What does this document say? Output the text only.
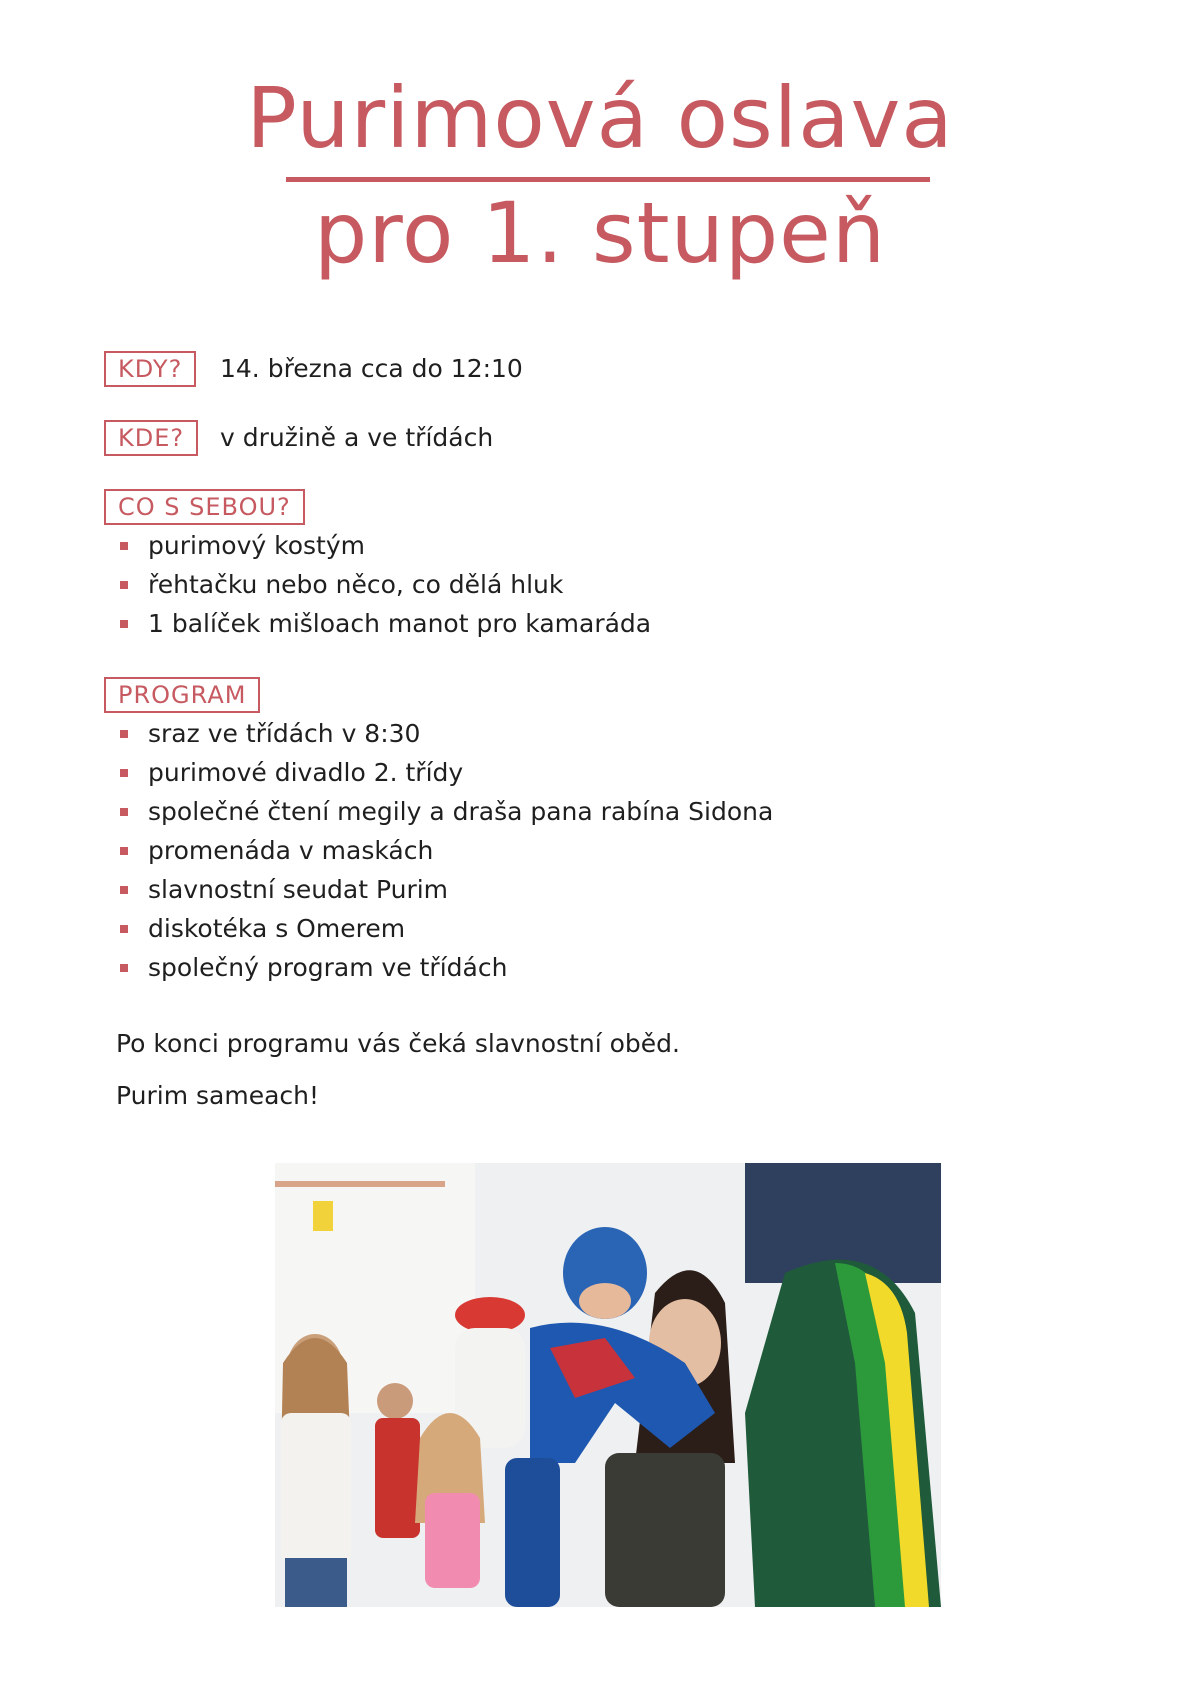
Purimová oslava
pro 1. stupeň
KDY?	14. března cca do 12:10
KDE?	v družině a ve třídách
CO S SEBOU?
purimový kostým
řehtačku nebo něco, co dělá hluk
1 balíček mišloach manot pro kamaráda
PROGRAM
sraz ve třídách v 8:30
purimové divadlo 2. třídy
společné čtení megily a draša pana rabína Sidona
promenáda v maskách
slavnostní seudat Purim
diskotéka s Omerem
společný program ve třídách

Po konci programu vás čeká slavnostní oběd.

Purim sameach!
